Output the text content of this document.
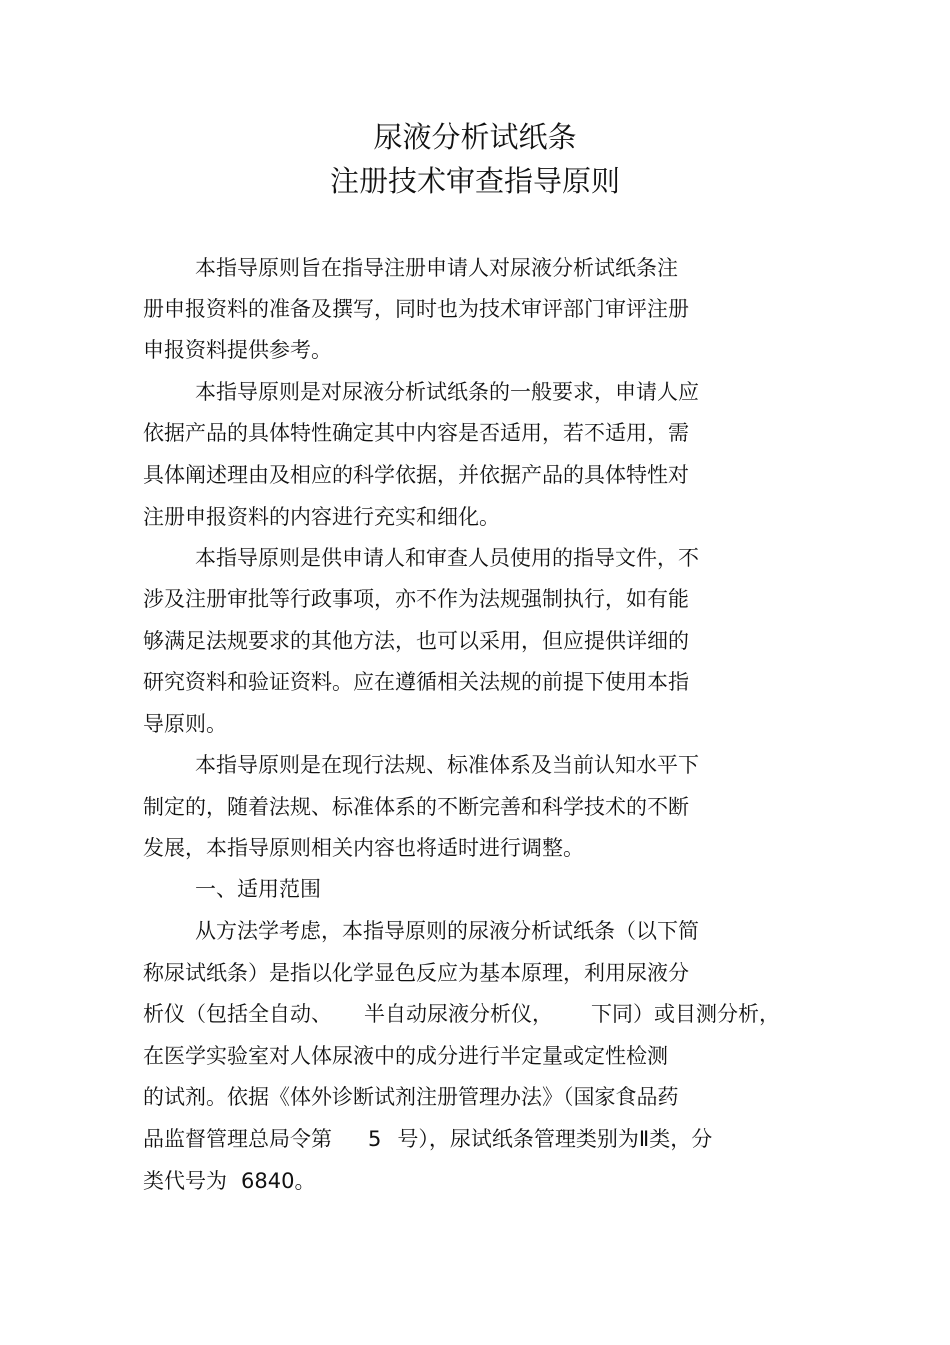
尿液分析试纸条
注册技术审查指导原则
本指导原则旨在指导注册申请人对尿液分析试纸条注
册申报资料的准备及撰写，同时也为技术审评部门审评注册
申报资料提供参考。
本指导原则是对尿液分析试纸条的一般要求，申请人应
依据产品的具体特性确定其中内容是否适用，若不适用，需
具体阐述理由及相应的科学依据，并依据产品的具体特性对
注册申报资料的内容进行充实和细化。
本指导原则是供申请人和审查人员使用的指导文件，不
涉及注册审批等行政事项，亦不作为法规强制执行，如有能
够满足法规要求的其他方法，也可以采用，但应提供详细的
研究资料和验证资料。应在遵循相关法规的前提下使用本指
导原则。
本指导原则是在现行法规、标准体系及当前认知水平下
制定的，随着法规、标准体系的不断完善和科学技术的不断
发展，本指导原则相关内容也将适时进行调整。
一、适用范围
从方法学考虑，本指导原则的尿液分析试纸条（以下简
称尿试纸条）是指以化学显色反应为基本原理，利用尿液分
析仪（包括全自动、 半自动尿液分析仪， 下同）或目测分析，
在医学实验室对人体尿液中的成分进行半定量或定性检测
的试剂。依据《体外诊断试剂注册管理办法》（国家食品药
品监督管理总局令第 5 号），尿试纸条管理类别为Ⅱ类，分
类代号为 6840。
